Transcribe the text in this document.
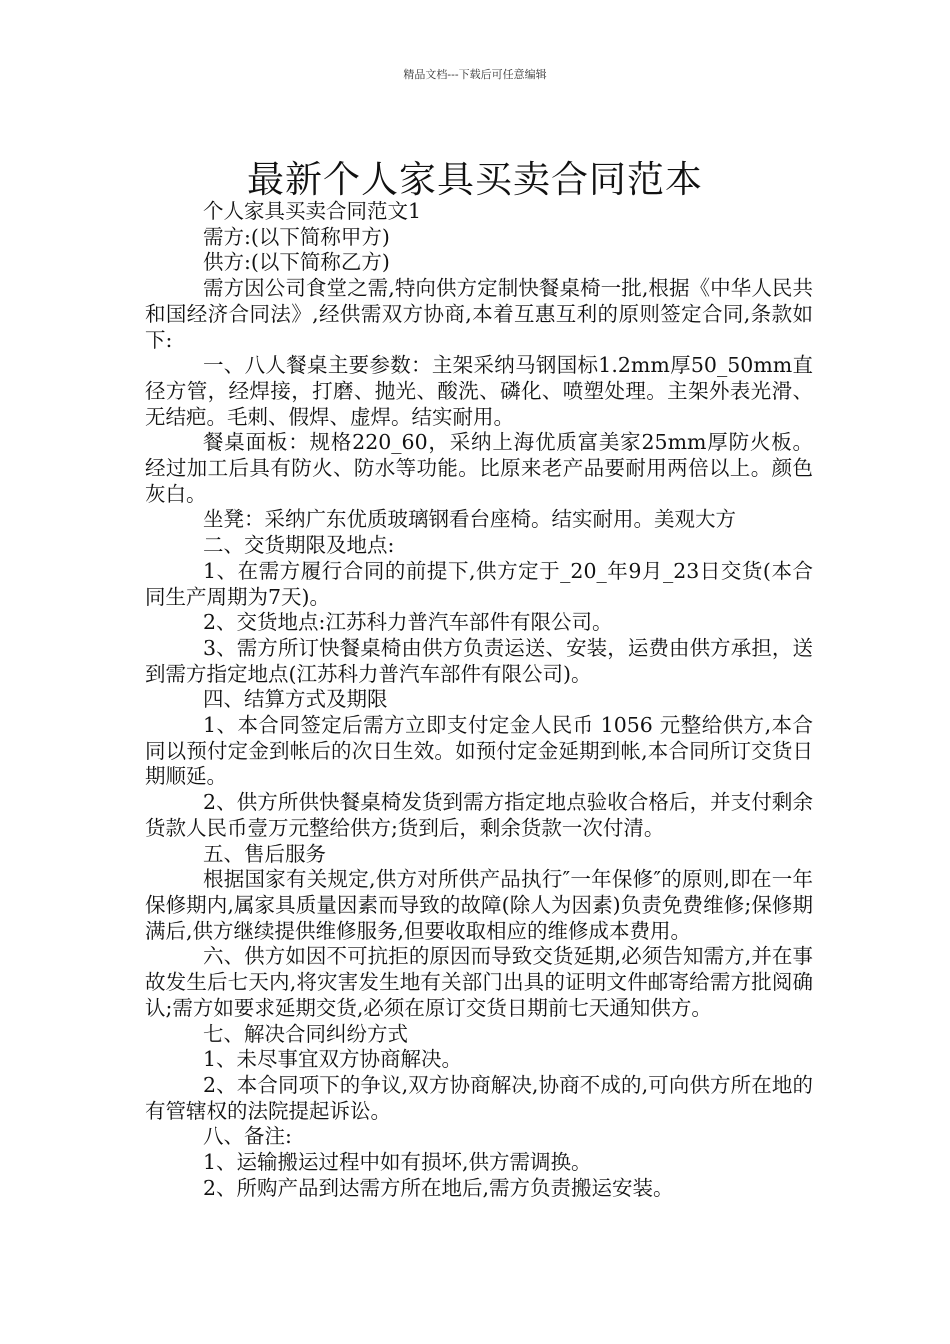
精品文档---下载后可任意编辑
最新个人家具买卖合同范本

个人家具买卖合同范文1

需方:(以下简称甲方)

供方:(以下简称乙方)

需方因公司食堂之需,特向供方定制快餐桌椅一批,根据《中华人民共和国经济合同法》,经供需双方协商,本着互惠互利的原则签定合同,条款如下:

一、八人餐桌主要参数：主架采纳马钢国标1.2mm厚50_50mm直径方管，经焊接，打磨、抛光、酸洗、磷化、喷塑处理。主架外表光滑、无结疤。毛刺、假焊、虚焊。结实耐用。

餐桌面板：规格220_60，采纳上海优质富美家25mm厚防火板。经过加工后具有防火、防水等功能。比原来老产品要耐用两倍以上。颜色灰白。

坐凳：采纳广东优质玻璃钢看台座椅。结实耐用。美观大方

二、交货期限及地点:

1、在需方履行合同的前提下,供方定于_20_年9月_23日交货(本合同生产周期为7天)。

2、交货地点:江苏科力普汽车部件有限公司。

3、需方所订快餐桌椅由供方负责运送、安装，运费由供方承担，送到需方指定地点(江苏科力普汽车部件有限公司)。

四、结算方式及期限

1、本合同签定后需方立即支付定金人民币 1056 元整给供方,本合同以预付定金到帐后的次日生效。如预付定金延期到帐,本合同所订交货日期顺延。

2、供方所供快餐桌椅发货到需方指定地点验收合格后，并支付剩余货款人民币壹万元整给供方;货到后，剩余货款一次付清。

五、售后服务

根据国家有关规定,供方对所供产品执行″一年保修″的原则,即在一年保修期内,属家具质量因素而导致的故障(除人为因素)负责免费维修;保修期满后,供方继续提供维修服务,但要收取相应的维修成本费用。

六、供方如因不可抗拒的原因而导致交货延期,必须告知需方,并在事故发生后七天内,将灾害发生地有关部门出具的证明文件邮寄给需方批阅确认;需方如要求延期交货,必须在原订交货日期前七天通知供方。

七、解决合同纠纷方式

1、未尽事宜双方协商解决。

2、本合同项下的争议,双方协商解决,协商不成的,可向供方所在地的有管辖权的法院提起诉讼。

八、备注:

1、运输搬运过程中如有损坏,供方需调换。

2、所购产品到达需方所在地后,需方负责搬运安装。
